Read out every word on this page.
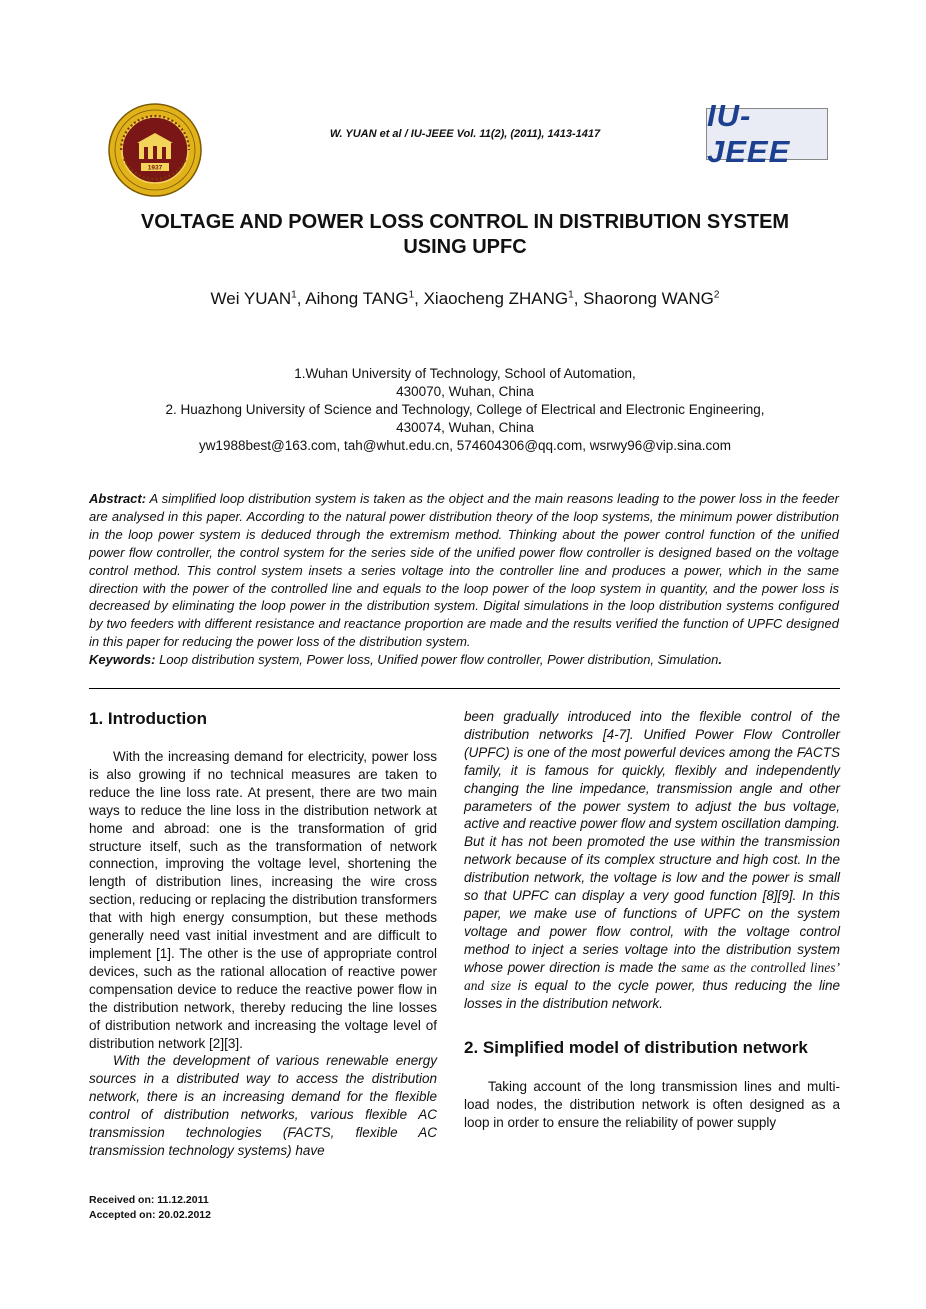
1937
W. YUAN et al / IU-JEEE Vol. 11(2), (2011), 1413-1417
IU-JEEE
VOLTAGE AND POWER LOSS CONTROL IN DISTRIBUTION SYSTEM
USING UPFC
Wei YUAN$^1$, Aihong TANG$^1$, Xiaocheng ZHANG$^1$, Shaorong WANG$^2$
1.Wuhan University of Technology, School of Automation,
430070, Wuhan, China
2. Huazhong University of Science and Technology, College of Electrical and Electronic Engineering,
430074, Wuhan, China
yw1988best@163.com, tah@whut.edu.cn, 574604306@qq.com, wsrwy96@vip.sina.com
Abstract: A simplified loop distribution system is taken as the object and the main reasons leading to the power loss in the feeder are analysed in this paper. According to the natural power distribution theory of the loop systems, the minimum power distribution in the loop power system is deduced through the extremism method. Thinking about the power control function of the unified power flow controller, the control system for the series side of the unified power flow controller is designed based on the voltage control method. This control system insets a series voltage into the controller line and produces a power, which in the same direction with the power of the controlled line and equals to the loop power of the loop system in quantity, and the power loss is decreased by eliminating the loop power in the distribution system. Digital simulations in the loop distribution systems configured by two feeders with different resistance and reactance proportion are made and the results verified the function of UPFC designed in this paper for reducing the power loss of the distribution system.
Keywords: Loop distribution system, Power loss, Unified power flow controller, Power distribution, Simulation.
1. Introduction

With the increasing demand for electricity, power loss is also growing if no technical measures are taken to reduce the line loss rate. At present, there are two main ways to reduce the line loss in the distribution network at home and abroad: one is the transformation of grid structure itself, such as the transformation of network connection, improving the voltage level, shortening the length of distribution lines, increasing the wire cross section, reducing or replacing the distribution transformers that with high energy consumption, but these methods generally need vast initial investment and are difficult to implement [1]. The other is the use of appropriate control devices, such as the rational allocation of reactive power compensation device to reduce the reactive power flow in the distribution network, thereby reducing the line losses of distribution network and increasing the voltage level of distribution network [2][3].

With the development of various renewable energy sources in a distributed way to access the distribution network, there is an increasing demand for the flexible control of distribution networks, various flexible AC transmission technologies (FACTS, flexible AC transmission technology systems) have

been gradually introduced into the flexible control of the distribution networks [4-7]. Unified Power Flow Controller (UPFC) is one of the most powerful devices among the FACTS family, it is famous for quickly, flexibly and independently changing the line impedance, transmission angle and other parameters of the power system to adjust the bus voltage, active and reactive power flow and system oscillation damping. But it has not been promoted the use within the transmission network because of its complex structure and high cost. In the distribution network, the voltage is low and the power is small so that UPFC can display a very good function [8][9]. In this paper, we make use of functions of UPFC on the system voltage and power flow control, with the voltage control method to inject a series voltage into the distribution system whose power direction is made the same as the controlled lines’ and size is equal to the cycle power, thus reducing the line losses in the distribution network.

2. Simplified model of distribution network

Taking account of the long transmission lines and multi-load nodes, the distribution network is often designed as a loop in order to ensure the reliability of power supply

Received on: 11.12.2011
Accepted on: 20.02.2012
